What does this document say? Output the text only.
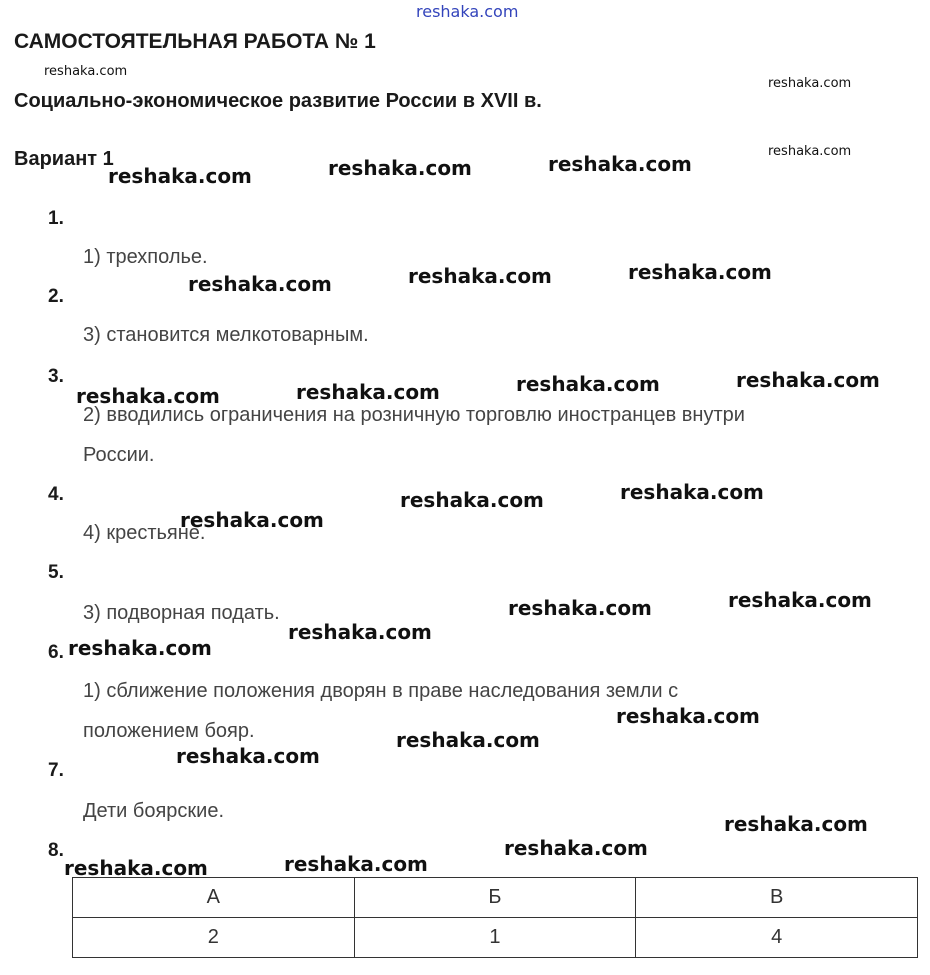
reshaka.com
САМОСТОЯТЕЛЬНАЯ РАБОТА № 1
Социально-экономическое развитие России в XVII в.
Вариант 1
1.
2.
3.
4.
5.
6.
7.
8.
1) трехполье.
3) становится мелкотоварным.
2) вводились ограничения на розничную торговлю иностранцев внутри
России.
4) крестьяне.
3) подворная подать.
1) сближение положения дворян в праве наследования земли с
положением бояр.
Дети боярские.
А	Б	В
2	1	4
reshaka.com
reshaka.com
reshaka.com
reshaka.com	reshaka.com	reshaka.com
reshaka.com	reshaka.com	reshaka.com
reshaka.com	reshaka.com	reshaka.com	reshaka.com
reshaka.com	reshaka.com
reshaka.com
reshaka.com	reshaka.com
reshaka.com
reshaka.com
reshaka.com
reshaka.com
reshaka.com
reshaka.com
reshaka.com
reshaka.com
reshaka.com
